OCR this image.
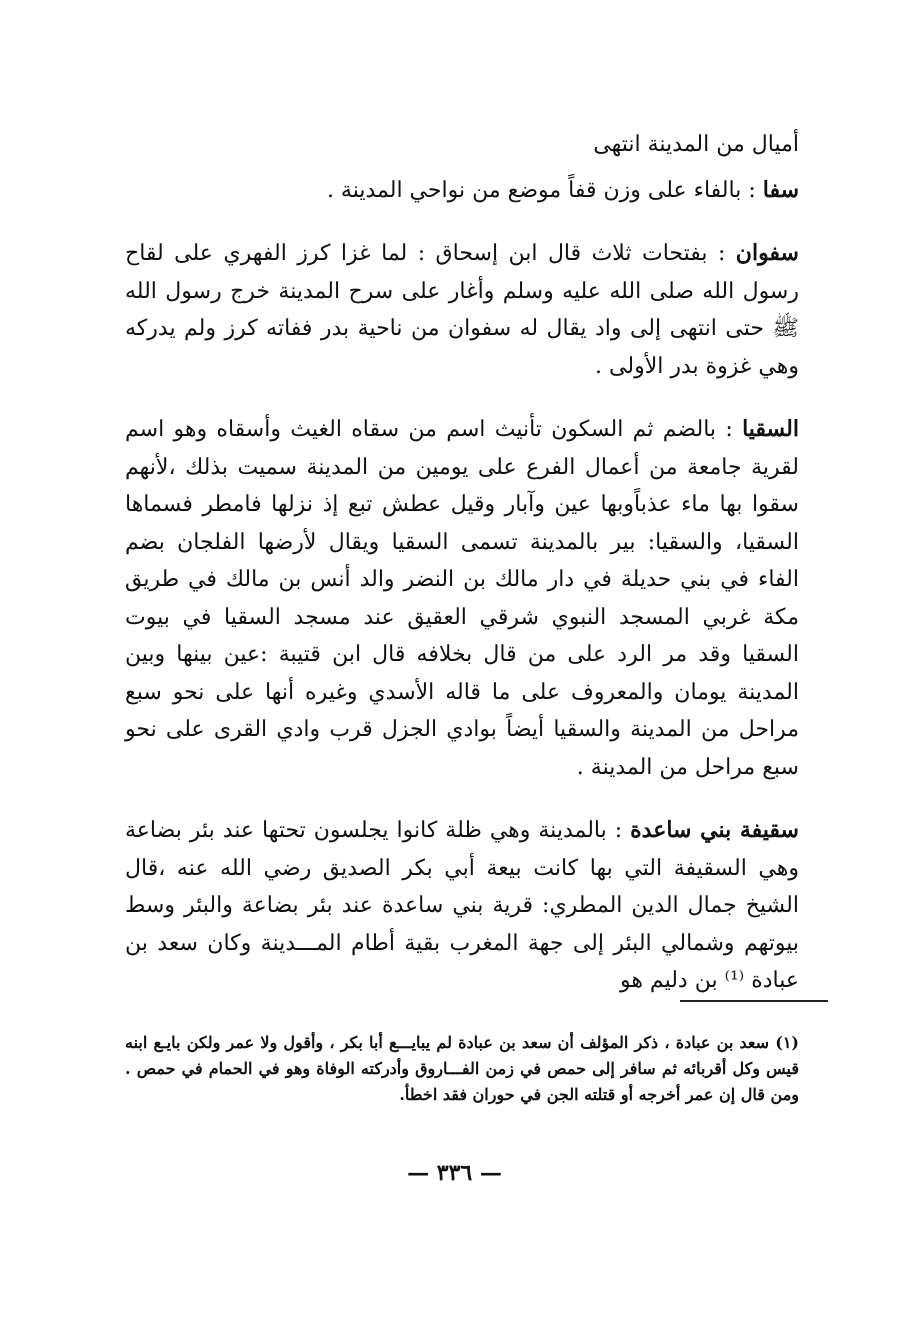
أميال من المدينة انتهى

سفا : بالفاء على وزن قفاً موضع من نواحي المدينة .

سفوان : بفتحات ثلاث قال ابن إسحاق : لما غزا كرز الفهري على لقاح رسول الله صلى الله عليه وسلم وأغار على سرح المدينة خرج رسول الله ﷺ حتى انتهى إلى واد يقال له سفوان من ناحية بدر ففاته كرز ولم يدركه وهي غزوة بدر الأولى .

السقيا : بالضم ثم السكون تأنيث اسم من سقاه الغيث وأسقاه وهو اسم لقرية جامعة من أعمال الفرع على يومين من المدينة سميت بذلك ،لأنهم سقوا بها ماء عذباًوبها عين وآبار وقيل عطش تبع إذ نزلها فامطر فسماها السقيا، والسقيا: بير بالمدينة تسمى السقيا ويقال لأرضها الفلجان بضم الفاء في بني حديلة في دار مالك بن النضر والد أنس بن مالك في طريق مكة غربي المسجد النبوي شرقي العقيق عند مسجد السقيا في بيوت السقيا وقد مر الرد على من قال بخلافه قال ابن قتيبة :عين بينها وبين المدينة يومان والمعروف على ما قاله الأسدي وغيره أنها على نحو سبع مراحل من المدينة والسقيا أيضاً بوادي الجزل قرب وادي القرى على نحو سبع مراحل من المدينة .

سقيفة بني ساعدة : بالمدينة وهي ظلة كانوا يجلسون تحتها عند بئر بضاعة وهي السقيفة التي بها كانت بيعة أبي بكر الصديق رضي الله عنه ،قال الشيخ جمال الدين المطري: قرية بني ساعدة عند بئر بضاعة والبئر وسط بيوتهم وشمالي البئر إلى جهة المغرب بقية أطام المـــدينة وكان سعد بن عبادة ⁽¹⁾ بن دليم هو

(١) سعد بن عبادة ، ذكر المؤلف أن سعد بن عبادة لم يبايـــع أبا بكر ، وأقول ولا عمر ولكن بايـع ابنه قيس وكل أقربائه ثم سافر إلى حمص في زمن الفـــاروق وأدركته الوفاة وهو في الحمام في حمص . ومن قال إن عمر أخرجه أو قتلته الجن في حوران فقد اخطأ.
— ٣٣٦ —
